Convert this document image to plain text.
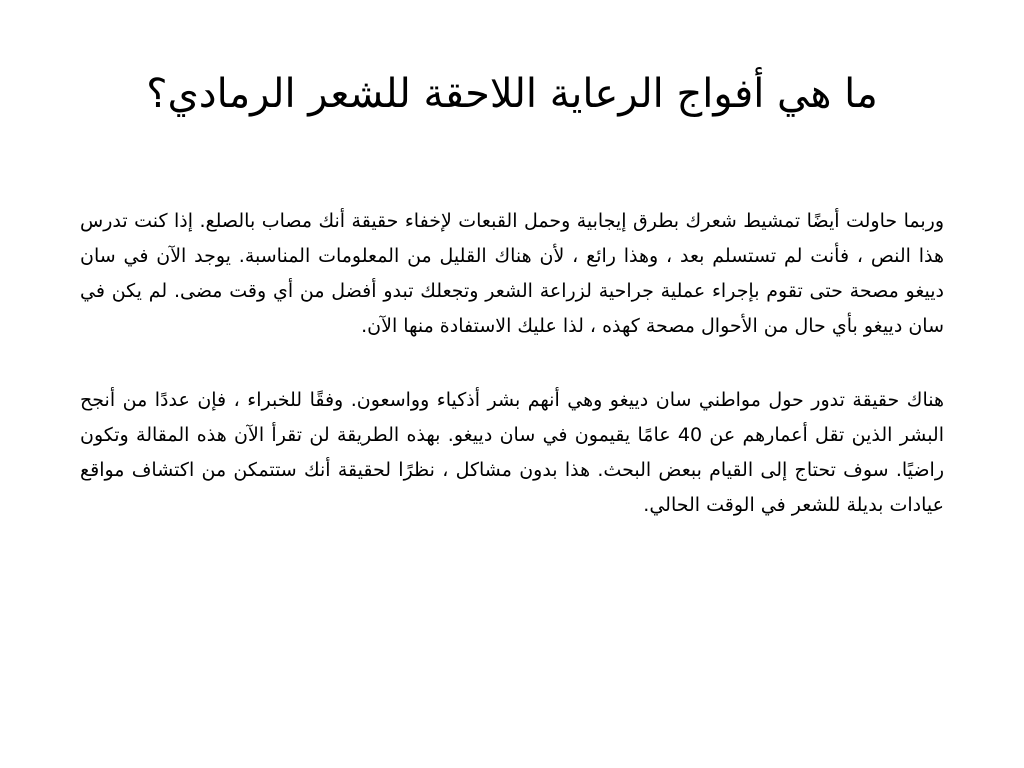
ما هي أفواج الرعاية اللاحقة للشعر الرمادي؟

وربما حاولت أيضًا تمشيط شعرك بطرق إيجابية وحمل القبعات لإخفاء حقيقة أنك مصاب بالصلع. إذا كنت تدرس هذا النص ، فأنت لم تستسلم بعد ، وهذا رائع ، لأن هناك القليل من المعلومات المناسبة. يوجد الآن في سان دييغو مصحة حتى تقوم بإجراء عملية جراحية لزراعة الشعر وتجعلك تبدو أفضل من أي وقت مضى. لم يكن في سان دييغو بأي حال من الأحوال مصحة كهذه ، لذا عليك الاستفادة منها الآن.

هناك حقيقة تدور حول مواطني سان دييغو وهي أنهم بشر أذكياء وواسعون. وفقًا للخبراء ، فإن عددًا من أنجح البشر الذين تقل أعمارهم عن 40 عامًا يقيمون في سان دييغو. بهذه الطريقة لن تقرأ الآن هذه المقالة وتكون راضيًا. سوف تحتاج إلى القيام ببعض البحث. هذا بدون مشاكل ، نظرًا لحقيقة أنك ستتمكن من اكتشاف مواقع عيادات بديلة للشعر في الوقت الحالي.
